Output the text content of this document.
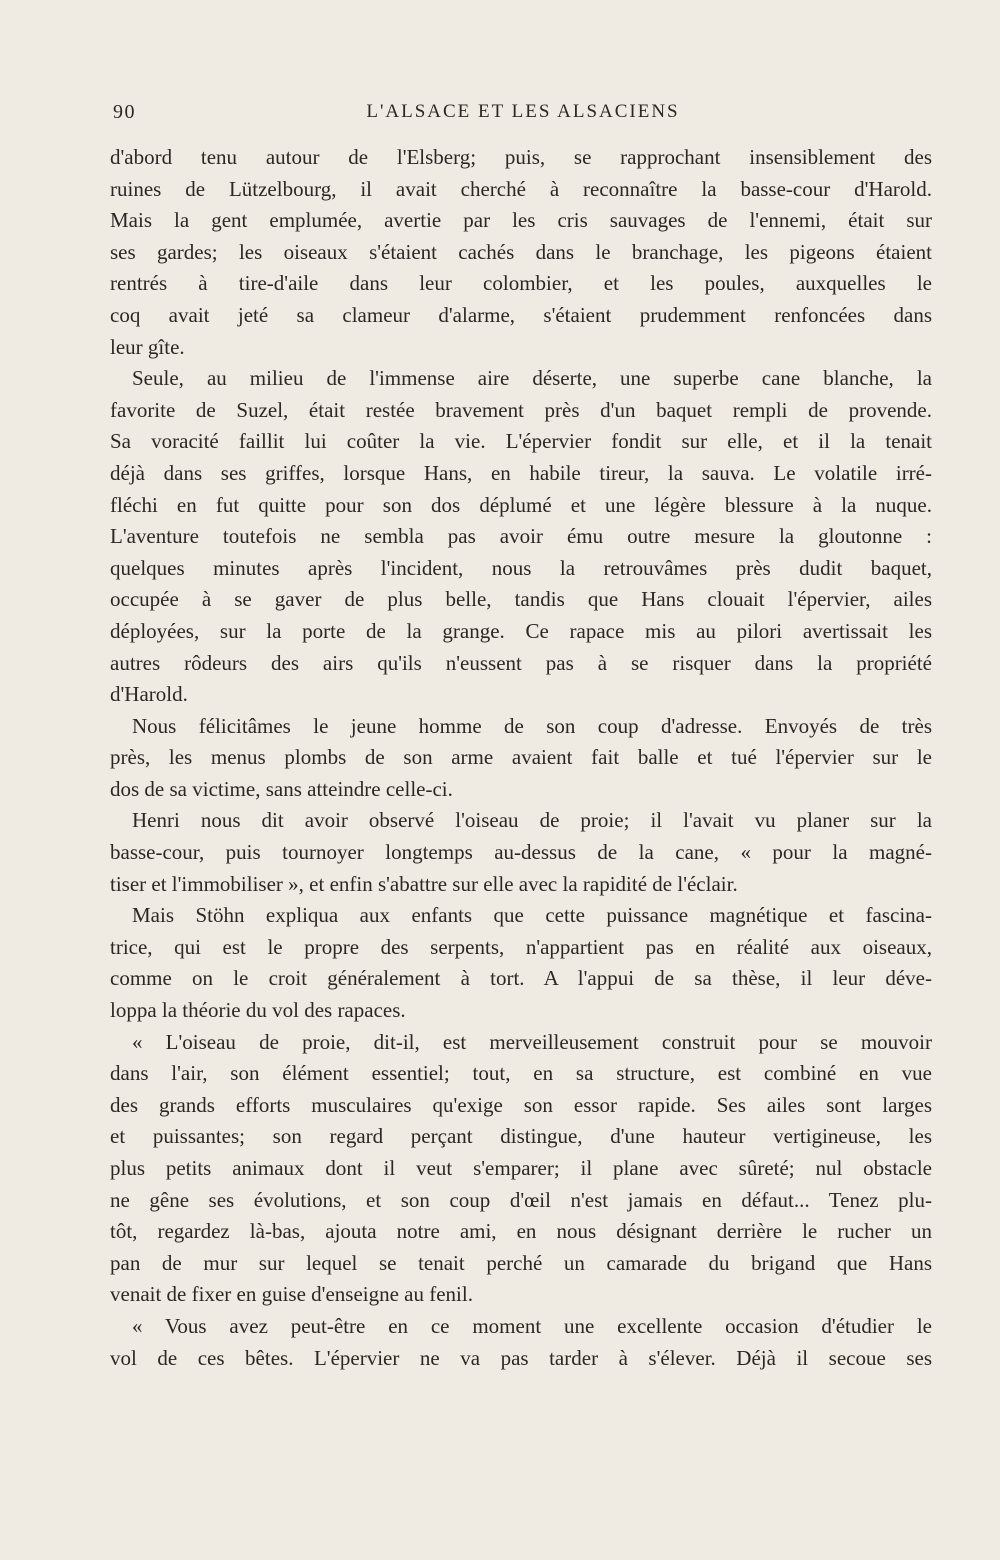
90	L'ALSACE ET LES ALSACIENS
d'abord tenu autour de l'Elsberg; puis, se rapprochant insensiblement des
ruines de Lützelbourg, il avait cherché à reconnaître la basse-cour d'Harold.
Mais la gent emplumée, avertie par les cris sauvages de l'ennemi, était sur
ses gardes; les oiseaux s'étaient cachés dans le branchage, les pigeons étaient
rentrés à tire-d'aile dans leur colombier, et les poules, auxquelles le
coq avait jeté sa clameur d'alarme, s'étaient prudemment renfoncées dans
leur gîte.
Seule, au milieu de l'immense aire déserte, une superbe cane blanche, la
favorite de Suzel, était restée bravement près d'un baquet rempli de provende.
Sa voracité faillit lui coûter la vie. L'épervier fondit sur elle, et il la tenait
déjà dans ses griffes, lorsque Hans, en habile tireur, la sauva. Le volatile irré-
fléchi en fut quitte pour son dos déplumé et une légère blessure à la nuque.
L'aventure toutefois ne sembla pas avoir ému outre mesure la gloutonne :
quelques minutes après l'incident, nous la retrouvâmes près dudit baquet,
occupée à se gaver de plus belle, tandis que Hans clouait l'épervier, ailes
déployées, sur la porte de la grange. Ce rapace mis au pilori avertissait les
autres rôdeurs des airs qu'ils n'eussent pas à se risquer dans la propriété
d'Harold.
Nous félicitâmes le jeune homme de son coup d'adresse. Envoyés de très
près, les menus plombs de son arme avaient fait balle et tué l'épervier sur le
dos de sa victime, sans atteindre celle-ci.
Henri nous dit avoir observé l'oiseau de proie; il l'avait vu planer sur la
basse-cour, puis tournoyer longtemps au-dessus de la cane, « pour la magné-
tiser et l'immobiliser », et enfin s'abattre sur elle avec la rapidité de l'éclair.
Mais Stöhn expliqua aux enfants que cette puissance magnétique et fascina-
trice, qui est le propre des serpents, n'appartient pas en réalité aux oiseaux,
comme on le croit généralement à tort. A l'appui de sa thèse, il leur déve-
loppa la théorie du vol des rapaces.
« L'oiseau de proie, dit-il, est merveilleusement construit pour se mouvoir
dans l'air, son élément essentiel; tout, en sa structure, est combiné en vue
des grands efforts musculaires qu'exige son essor rapide. Ses ailes sont larges
et puissantes; son regard perçant distingue, d'une hauteur vertigineuse, les
plus petits animaux dont il veut s'emparer; il plane avec sûreté; nul obstacle
ne gêne ses évolutions, et son coup d'œil n'est jamais en défaut... Tenez plu-
tôt, regardez là-bas, ajouta notre ami, en nous désignant derrière le rucher un
pan de mur sur lequel se tenait perché un camarade du brigand que Hans
venait de fixer en guise d'enseigne au fenil.
« Vous avez peut-être en ce moment une excellente occasion d'étudier le
vol de ces bêtes. L'épervier ne va pas tarder à s'élever. Déjà il secoue ses
